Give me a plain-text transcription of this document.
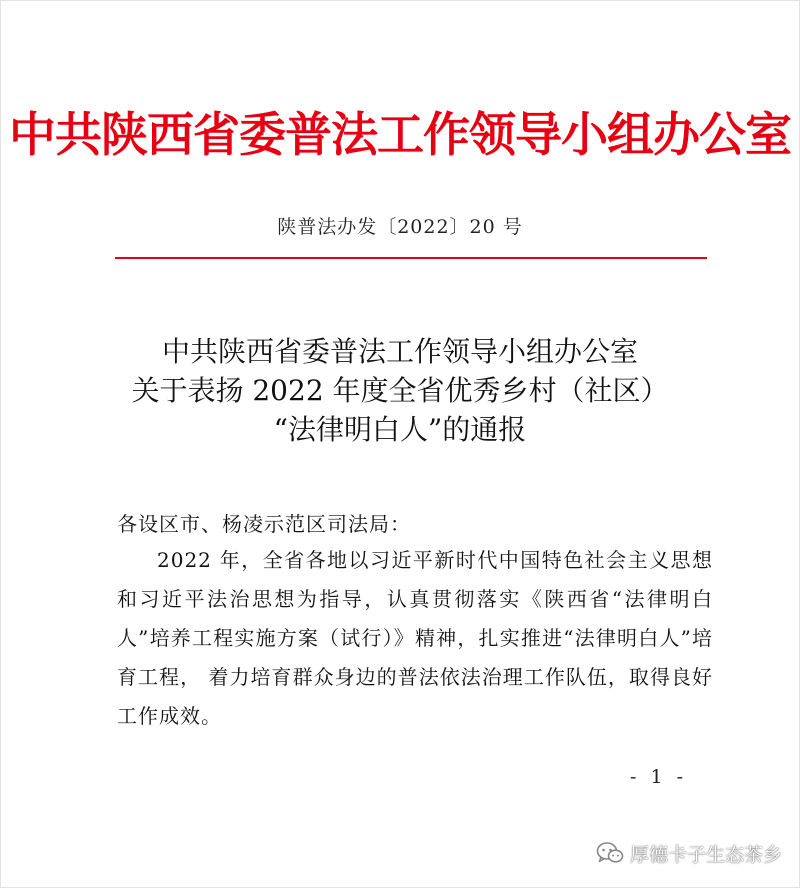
中共陕西省委普法工作领导小组办公室
陕普法办发〔2022〕20 号
中共陕西省委普法工作领导小组办公室
关于表扬 2022 年度全省优秀乡村（社区）
“法律明白人”的通报
各设区市、杨凌示范区司法局：
2022 年，全省各地以习近平新时代中国特色社会主义思想和习近平法治思想为指导，认真贯彻落实《陕西省“法律明白人”培养工程实施方案（试行）》精神，扎实推进“法律明白人”培育工程， 着力培育群众身边的普法依法治理工作队伍，取得良好工作成效。
- 1 -
厚德卡子生态茶乡
